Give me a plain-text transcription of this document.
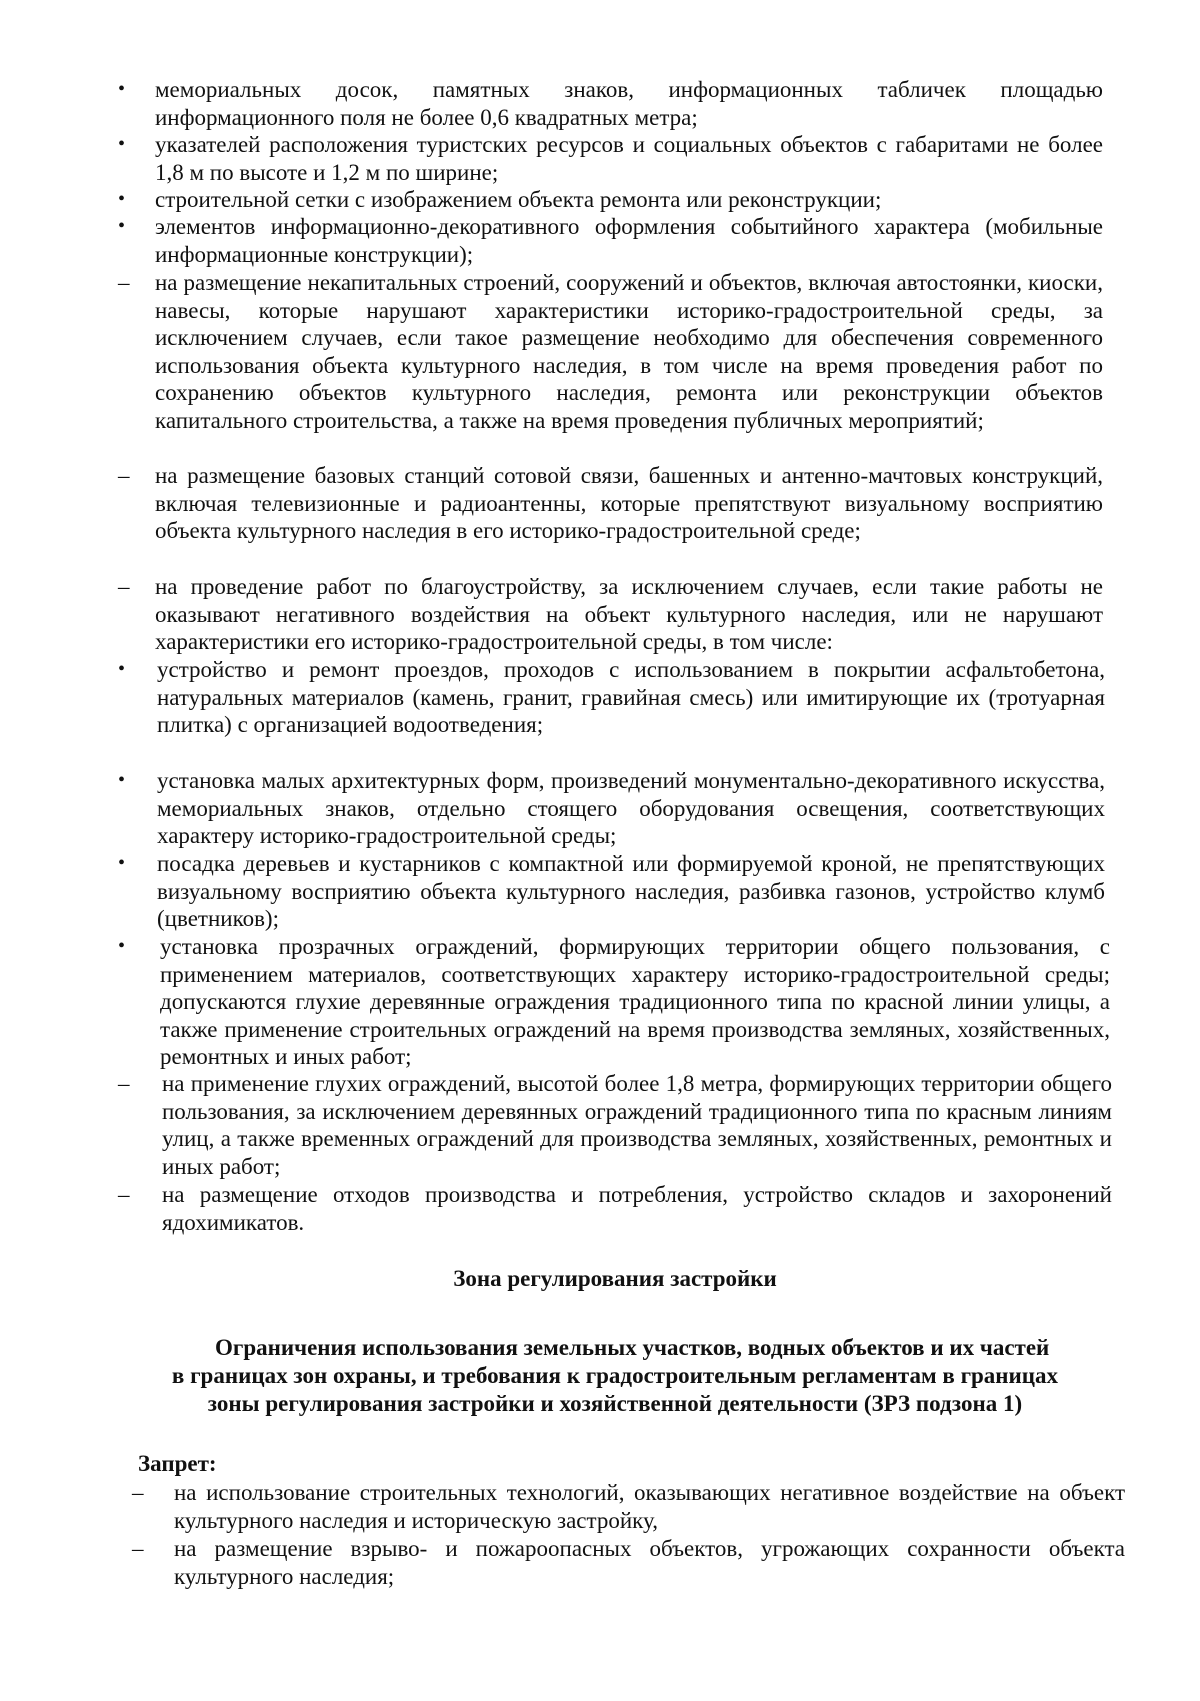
•	мемориальных досок, памятных знаков, информационных табличек площадью информационного поля не более 0,6 квадратных метра;
•	указателей расположения туристских ресурсов и социальных объектов с габаритами не более 1,8 м по высоте и 1,2 м по ширине;
•	строительной сетки с изображением объекта ремонта или реконструкции;
•	элементов информационно-декоративного оформления событийного характера (мобильные информационные конструкции);
–	на размещение некапитальных строений, сооружений и объектов, включая автостоянки, киоски, навесы, которые нарушают характеристики историко-градостроительной среды, за исключением случаев, если такое размещение необходимо для обеспечения современного использования объекта культурного наследия, в том числе на время проведения работ по сохранению объектов культурного наследия, ремонта или реконструкции объектов капитального строительства, а также на время проведения публичных мероприятий;
–	на размещение базовых станций сотовой связи, башенных и антенно-мачтовых конструкций, включая телевизионные и радиоантенны, которые препятствуют визуальному восприятию объекта культурного наследия в его историко-градостроительной среде;
–	на проведение работ по благоустройству, за исключением случаев, если такие работы не оказывают негативного воздействия на объект культурного наследия, или не нарушают характеристики его историко-градостроительной среды, в том числе:
•	устройство и ремонт проездов, проходов с использованием в покрытии асфальтобетона, натуральных материалов (камень, гранит, гравийная смесь) или имитирующие их (тротуарная плитка) с организацией водоотведения;
•	установка малых архитектурных форм, произведений монументально-декоративного искусства, мемориальных знаков, отдельно стоящего оборудования освещения, соответствующих характеру историко-градостроительной среды;
•	посадка деревьев и кустарников с компактной или формируемой кроной, не препятствующих визуальному восприятию объекта культурного наследия, разбивка газонов, устройство клумб (цветников);
•	установка прозрачных ограждений, формирующих территории общего пользования, с применением материалов, соответствующих характеру историко-градостроительной среды; допускаются глухие деревянные ограждения традиционного типа по красной линии улицы, а также применение строительных ограждений на время производства земляных, хозяйственных, ремонтных и иных работ;
–	на применение глухих ограждений, высотой более 1,8 метра, формирующих территории общего пользования, за исключением деревянных ограждений традиционного типа по красным линиям улиц, а также временных ограждений для производства земляных, хозяйственных, ремонтных и иных работ;
–	на размещение отходов производства и потребления, устройство складов и захоронений ядохимикатов.
Зона регулирования застройки
Ограничения использования земельных участков, водных объектов и их частей
в границах зон охраны, и требования к градостроительным регламентам в границах
зоны регулирования застройки и хозяйственной деятельности (ЗРЗ подзона 1)
Запрет:
–	на использование строительных технологий, оказывающих негативное воздействие на объект культурного наследия и историческую застройку,
–	на размещение взрыво- и пожароопасных объектов, угрожающих сохранности объекта культурного наследия;
